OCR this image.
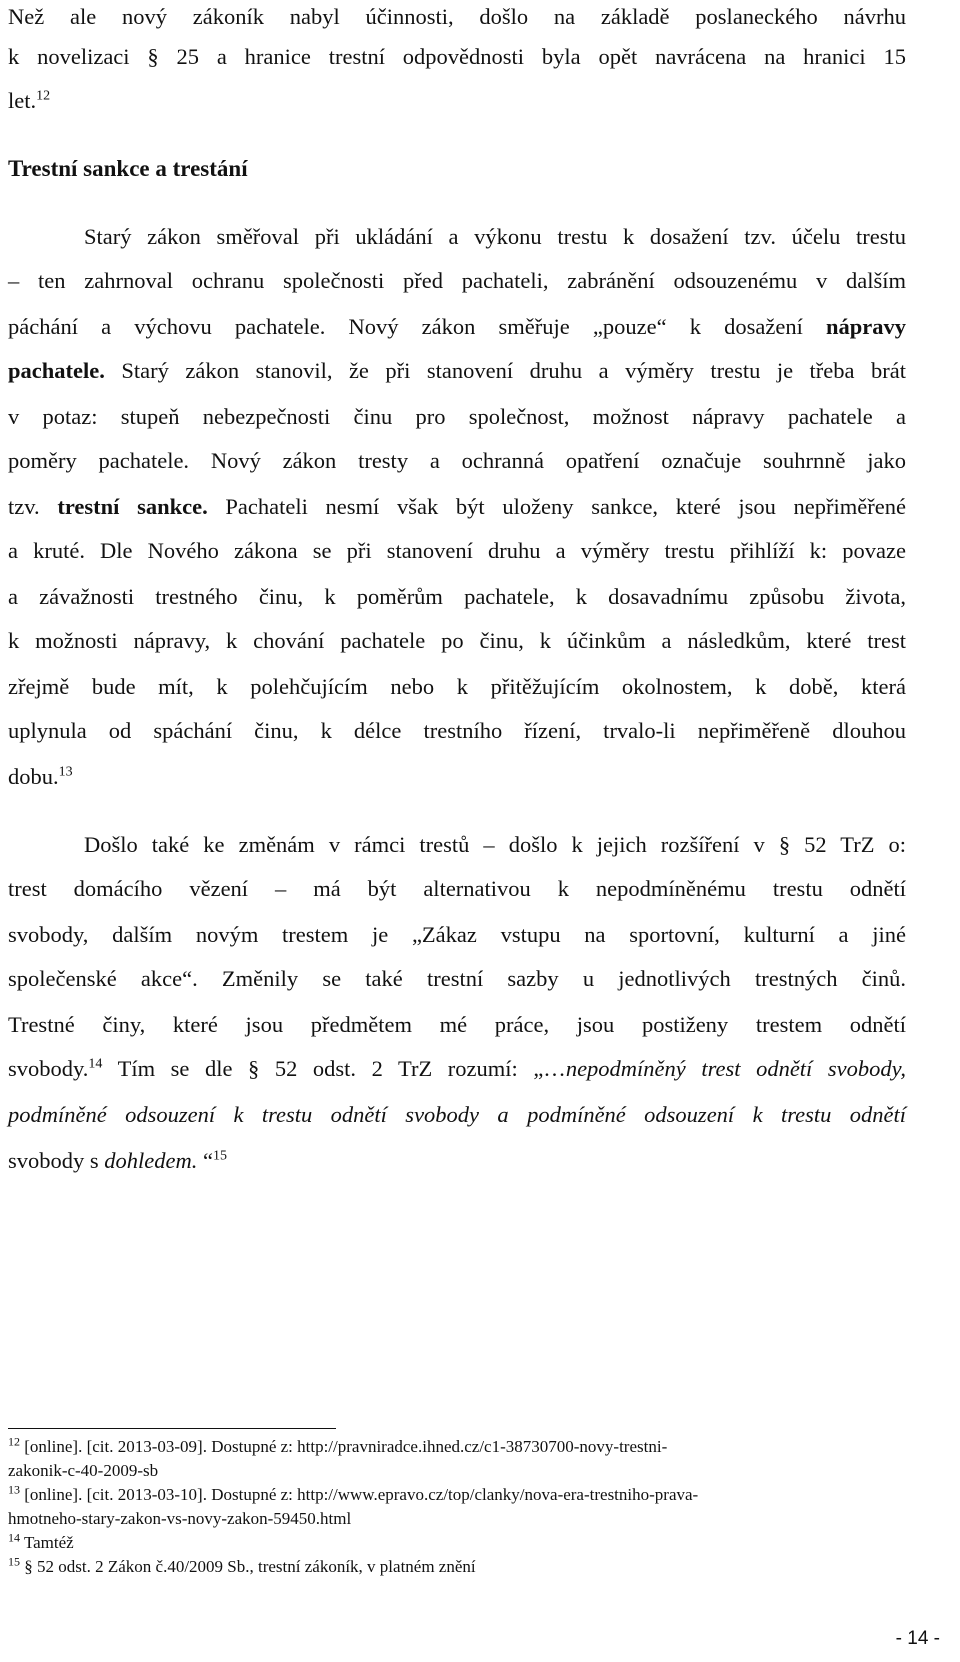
Než ale nový zákoník nabyl účinnosti, došlo na základě poslaneckého návrhu
k novelizaci § 25 a hranice trestní odpovědnosti byla opět navrácena na hranici 15
let.$^{12}$
Trestní sankce a trestání
Starý zákon směřoval při ukládání a výkonu trestu k dosažení tzv. účelu trestu
– ten zahrnoval ochranu společnosti před pachateli, zabránění odsouzenému v dalším
páchání a výchovu pachatele. Nový zákon směřuje „pouze“ k dosažení nápravy
pachatele. Starý zákon stanovil, že při stanovení druhu a výměry trestu je třeba brát
v potaz: stupeň nebezpečnosti činu pro společnost, možnost nápravy pachatele a
poměry pachatele. Nový zákon tresty a ochranná opatření označuje souhrnně jako
tzv. trestní sankce. Pachateli nesmí však být uloženy sankce, které jsou nepřiměřené
a kruté. Dle Nového zákona se při stanovení druhu a výměry trestu přihlíží k: povaze
a závažnosti trestného činu, k poměrům pachatele, k dosavadnímu způsobu života,
k možnosti nápravy, k chování pachatele po činu, k účinkům a následkům, které trest
zřejmě bude mít, k polehčujícím nebo k přitěžujícím okolnostem, k době, která
uplynula od spáchání činu, k délce trestního řízení, trvalo-li nepřiměřeně dlouhou
dobu.$^{13}$
Došlo také ke změnám v rámci trestů – došlo k jejich rozšíření v § 52 TrZ o:
trest domácího vězení – má být alternativou k nepodmíněnému trestu odnětí
svobody, dalším novým trestem je „Zákaz vstupu na sportovní, kulturní a jiné
společenské akce“. Změnily se také trestní sazby u jednotlivých trestných činů.
Trestné činy, které jsou předmětem mé práce, jsou postiženy trestem odnětí
svobody.$^{14}$ Tím se dle § 52 odst. 2 TrZ rozumí: „…nepodmíněný trest odnětí svobody,
podmíněné odsouzení k trestu odnětí svobody a podmíněné odsouzení k trestu odnětí
svobody s dohledem. “$^{15}$
$^{12}$ [online]. [cit. 2013-03-09]. Dostupné z: http://pravniradce.ihned.cz/c1-38730700-novy-trestni-
zakonik-c-40-2009-sb
$^{13}$ [online]. [cit. 2013-03-10]. Dostupné z: http://www.epravo.cz/top/clanky/nova-era-trestniho-prava-
hmotneho-stary-zakon-vs-novy-zakon-59450.html
$^{14}$ Tamtéž
$^{15}$ § 52 odst. 2 Zákon č.40/2009 Sb., trestní zákoník, v platném znění
- 14 -
